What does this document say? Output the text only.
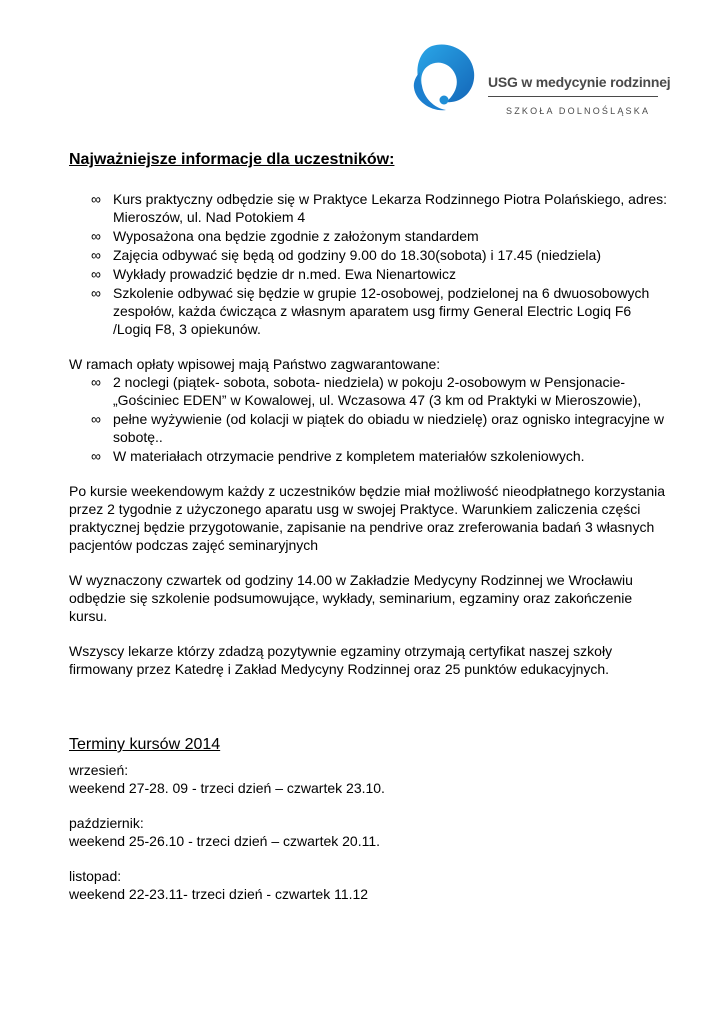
USG w medycynie rodzinnej
SZKOŁA DOLNOŚLĄSKA
Najważniejsze informacje dla uczestników:
∞ Kurs praktyczny odbędzie się w Praktyce Lekarza Rodzinnego Piotra Polańskiego, adres: Mieroszów, ul. Nad Potokiem 4
∞ Wyposażona ona będzie zgodnie z założonym standardem
∞ Zajęcia odbywać się będą od godziny 9.00 do 18.30(sobota) i 17.45 (niedziela)
∞ Wykłady prowadzić będzie dr n.med. Ewa Nienartowicz
∞ Szkolenie odbywać się będzie w grupie 12-osobowej, podzielonej na 6 dwuosobowych zespołów, każda ćwicząca z własnym aparatem usg firmy General Electric Logiq F6 /Logiq F8, 3 opiekunów.

W ramach opłaty wpisowej mają Państwo zagwarantowane:

∞ 2 noclegi (piątek- sobota, sobota- niedziela) w pokoju 2-osobowym w Pensjonacie- „Gościniec EDEN” w Kowalowej, ul. Wczasowa 47 (3 km od Praktyki w Mieroszowie),
∞ pełne wyżywienie (od kolacji w piątek do obiadu w niedzielę) oraz ognisko integracyjne w sobotę..
∞ W materiałach otrzymacie pendrive z kompletem materiałów szkoleniowych.

Po kursie weekendowym każdy z uczestników będzie miał możliwość nieodpłatnego korzystania przez 2 tygodnie z użyczonego aparatu usg w swojej Praktyce. Warunkiem zaliczenia części praktycznej będzie przygotowanie, zapisanie na pendrive oraz zreferowania badań 3 własnych pacjentów podczas zajęć seminaryjnych

W wyznaczony czwartek od godziny 14.00 w Zakładzie Medycyny Rodzinnej we Wrocławiu odbędzie się szkolenie podsumowujące, wykłady, seminarium, egzaminy oraz zakończenie kursu.

Wszyscy lekarze którzy zdadzą pozytywnie egzaminy otrzymają certyfikat naszej szkoły firmowany przez Katedrę i Zakład Medycyny Rodzinnej oraz 25 punktów edukacyjnych.

Terminy kursów 2014
wrzesień:
weekend 27-28. 09 - trzeci dzień – czwartek 23.10.
październik:
weekend 25-26.10 - trzeci dzień – czwartek 20.11.
listopad:
weekend 22-23.11- trzeci dzień - czwartek 11.12
